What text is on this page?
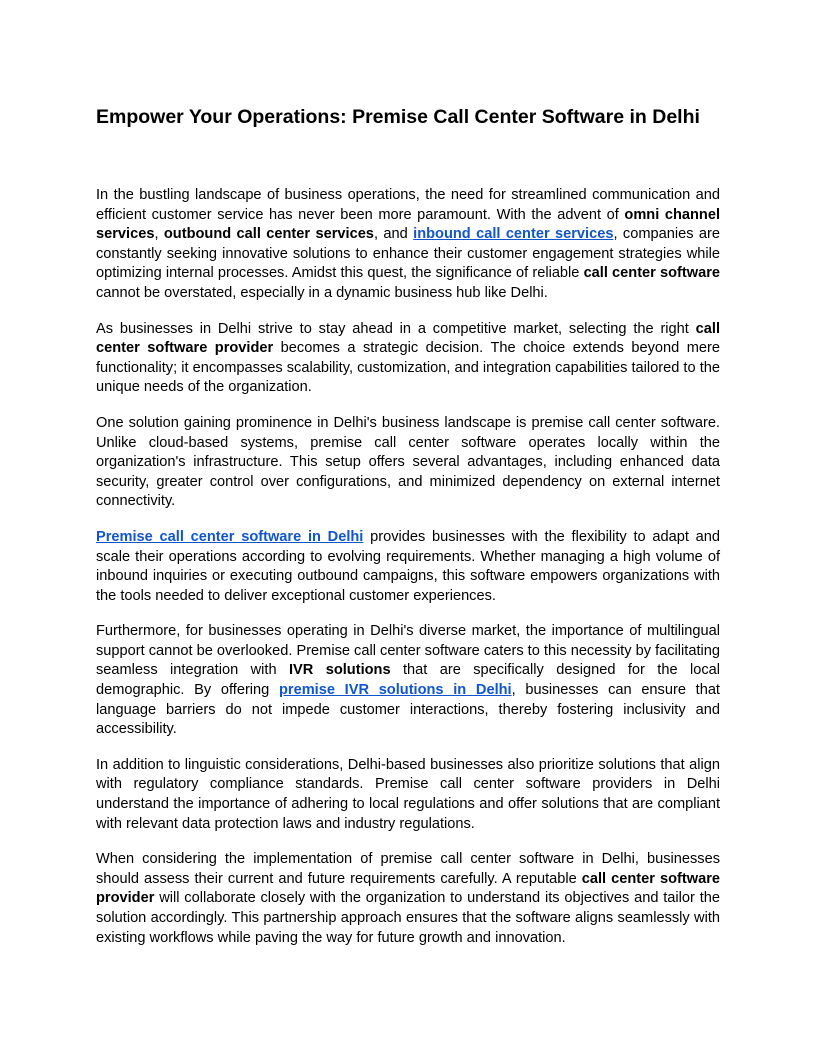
Empower Your Operations: Premise Call Center Software in Delhi

In the bustling landscape of business operations, the need for streamlined communication and efficient customer service has never been more paramount. With the advent of omni channel services, outbound call center services, and inbound call center services, companies are constantly seeking innovative solutions to enhance their customer engagement strategies while optimizing internal processes. Amidst this quest, the significance of reliable call center software cannot be overstated, especially in a dynamic business hub like Delhi.

As businesses in Delhi strive to stay ahead in a competitive market, selecting the right call center software provider becomes a strategic decision. The choice extends beyond mere functionality; it encompasses scalability, customization, and integration capabilities tailored to the unique needs of the organization.

One solution gaining prominence in Delhi's business landscape is premise call center software. Unlike cloud-based systems, premise call center software operates locally within the organization's infrastructure. This setup offers several advantages, including enhanced data security, greater control over configurations, and minimized dependency on external internet connectivity.

Premise call center software in Delhi provides businesses with the flexibility to adapt and scale their operations according to evolving requirements. Whether managing a high volume of inbound inquiries or executing outbound campaigns, this software empowers organizations with the tools needed to deliver exceptional customer experiences.

Furthermore, for businesses operating in Delhi's diverse market, the importance of multilingual support cannot be overlooked. Premise call center software caters to this necessity by facilitating seamless integration with IVR solutions that are specifically designed for the local demographic. By offering premise IVR solutions in Delhi, businesses can ensure that language barriers do not impede customer interactions, thereby fostering inclusivity and accessibility.

In addition to linguistic considerations, Delhi-based businesses also prioritize solutions that align with regulatory compliance standards. Premise call center software providers in Delhi understand the importance of adhering to local regulations and offer solutions that are compliant with relevant data protection laws and industry regulations.

When considering the implementation of premise call center software in Delhi, businesses should assess their current and future requirements carefully. A reputable call center software provider will collaborate closely with the organization to understand its objectives and tailor the solution accordingly. This partnership approach ensures that the software aligns seamlessly with existing workflows while paving the way for future growth and innovation.
